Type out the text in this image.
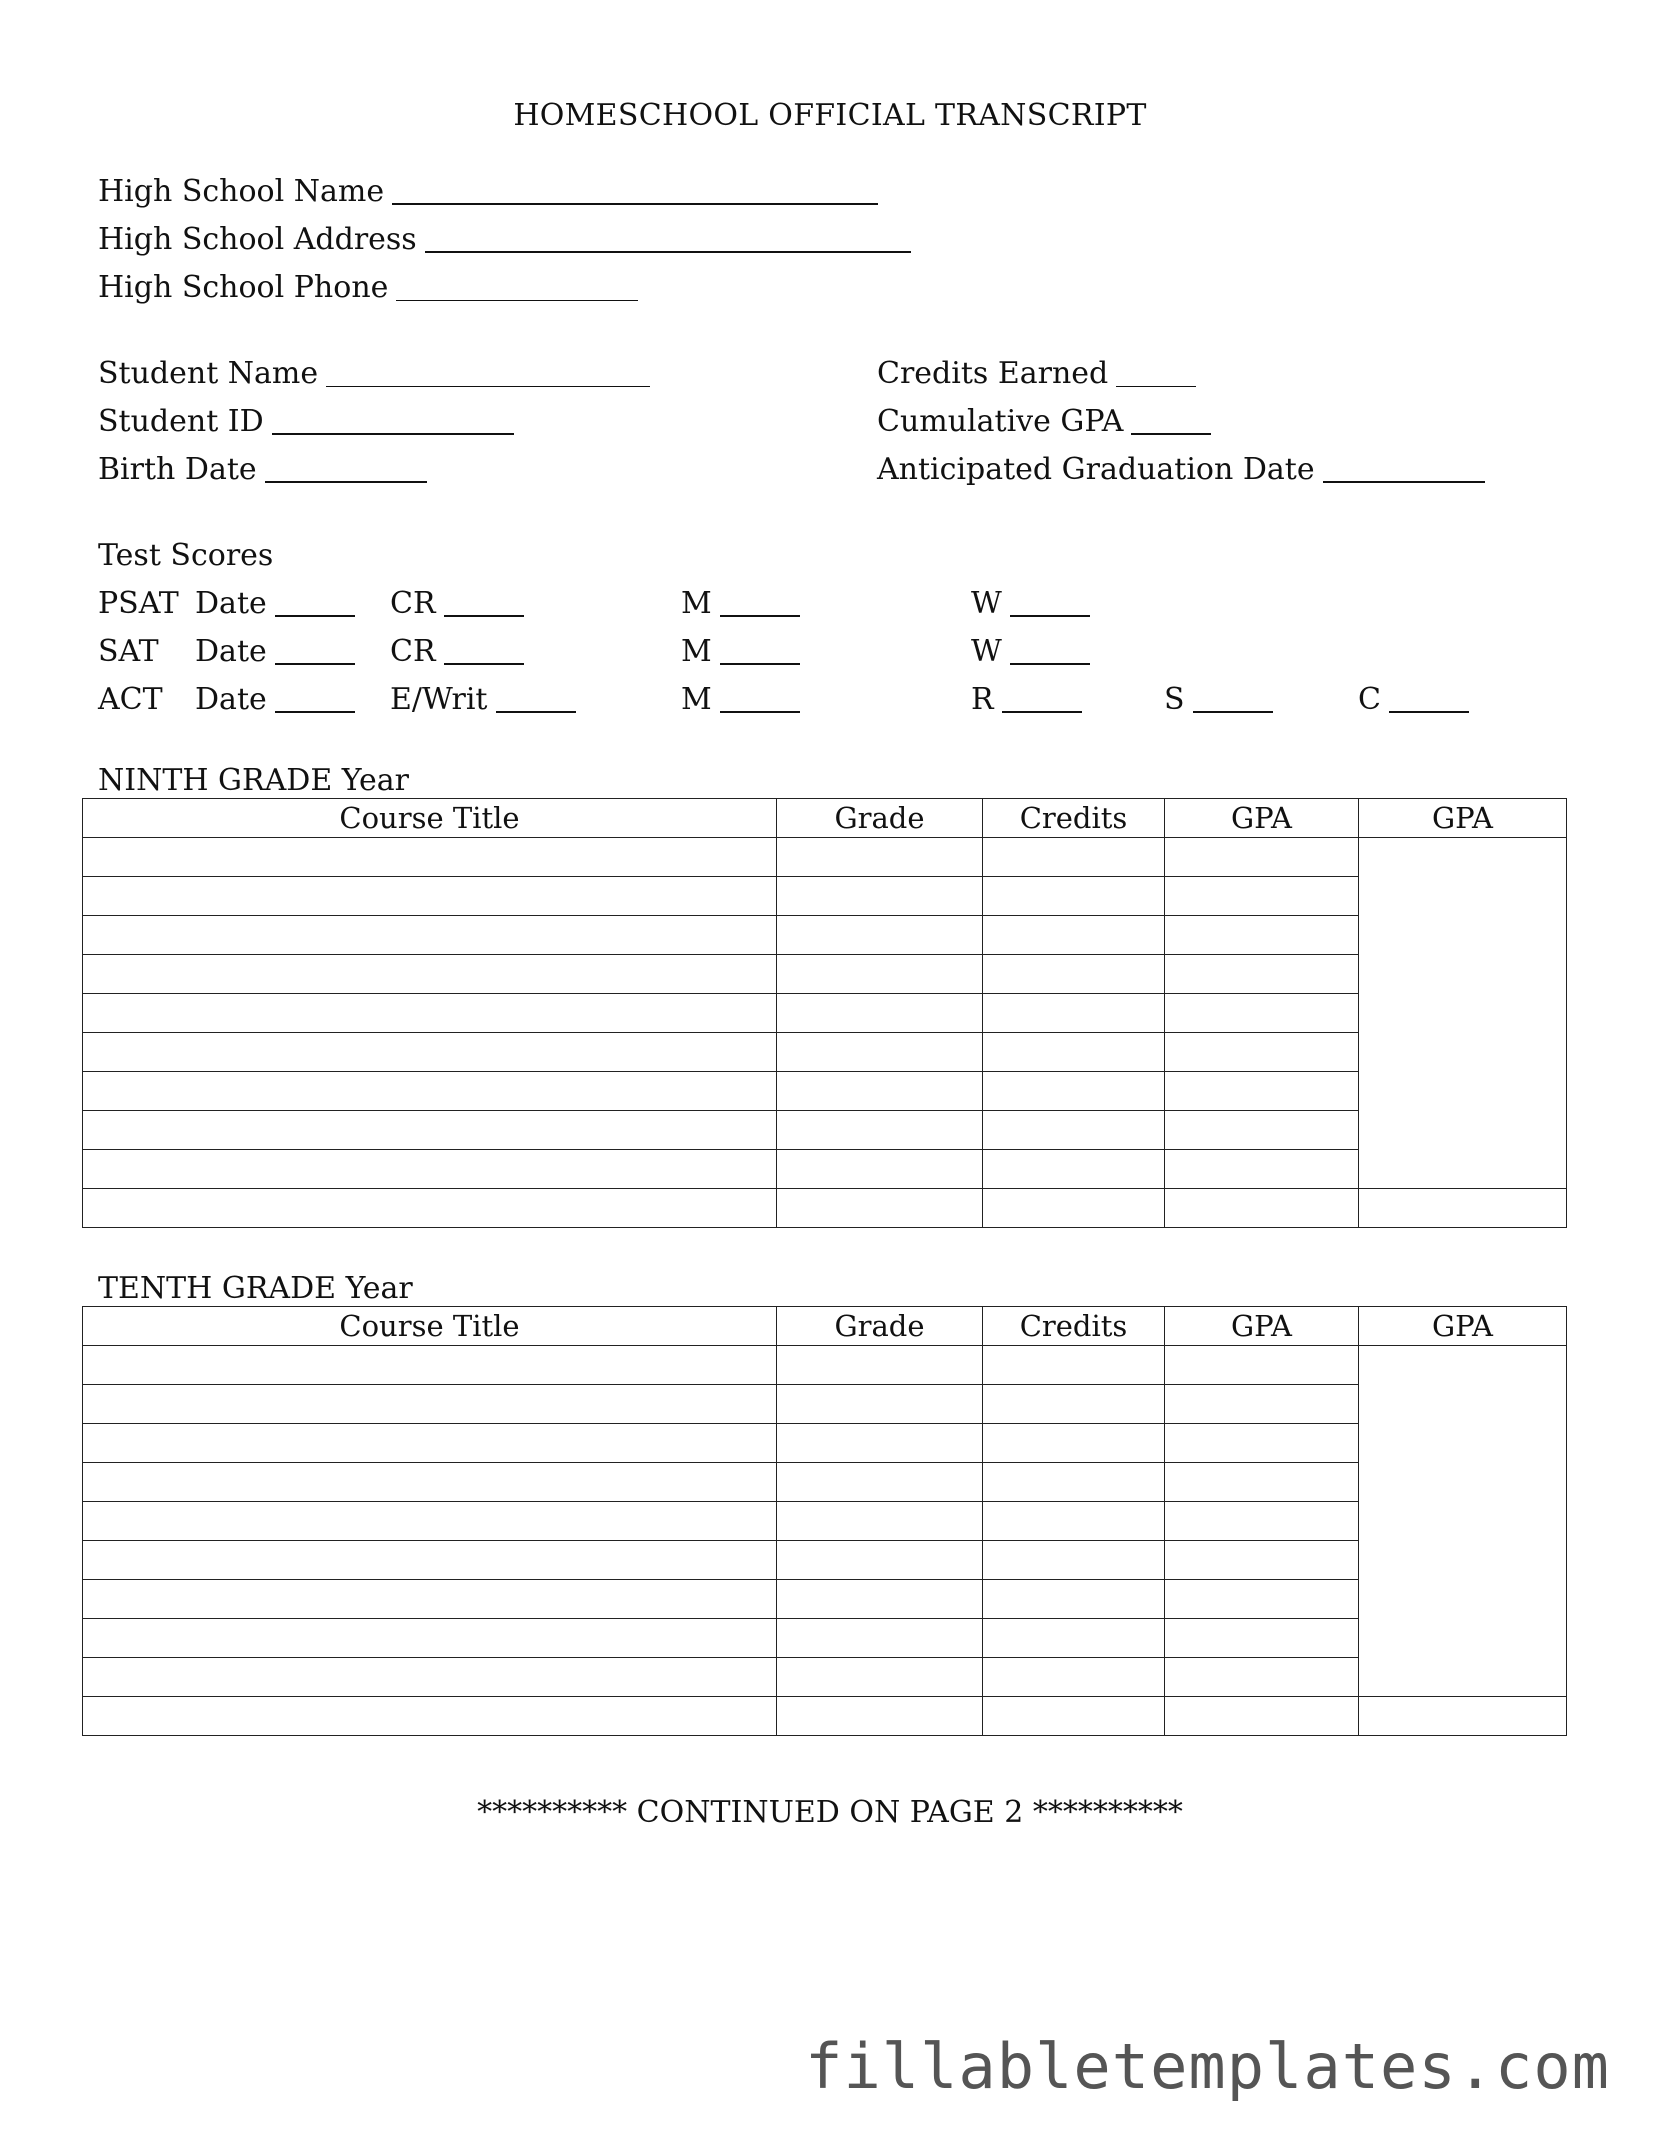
HOMESCHOOL OFFICIAL TRANSCRIPT
High School Name
High School Address
High School Phone
Student Name
Student ID
Birth Date
Credits Earned
Cumulative GPA
Anticipated Graduation Date
Test Scores
PSAT Date	CR	M	W
SAT Date	CR	M	W
ACT Date	E/Writ	M	R	S	C
NINTH GRADE Year
Course Title	Grade	Credits	GPA	GPA

TENTH GRADE Year
Course Title	Grade	Credits	GPA	GPA

********** CONTINUED ON PAGE 2 **********
fillabletemplates.com
